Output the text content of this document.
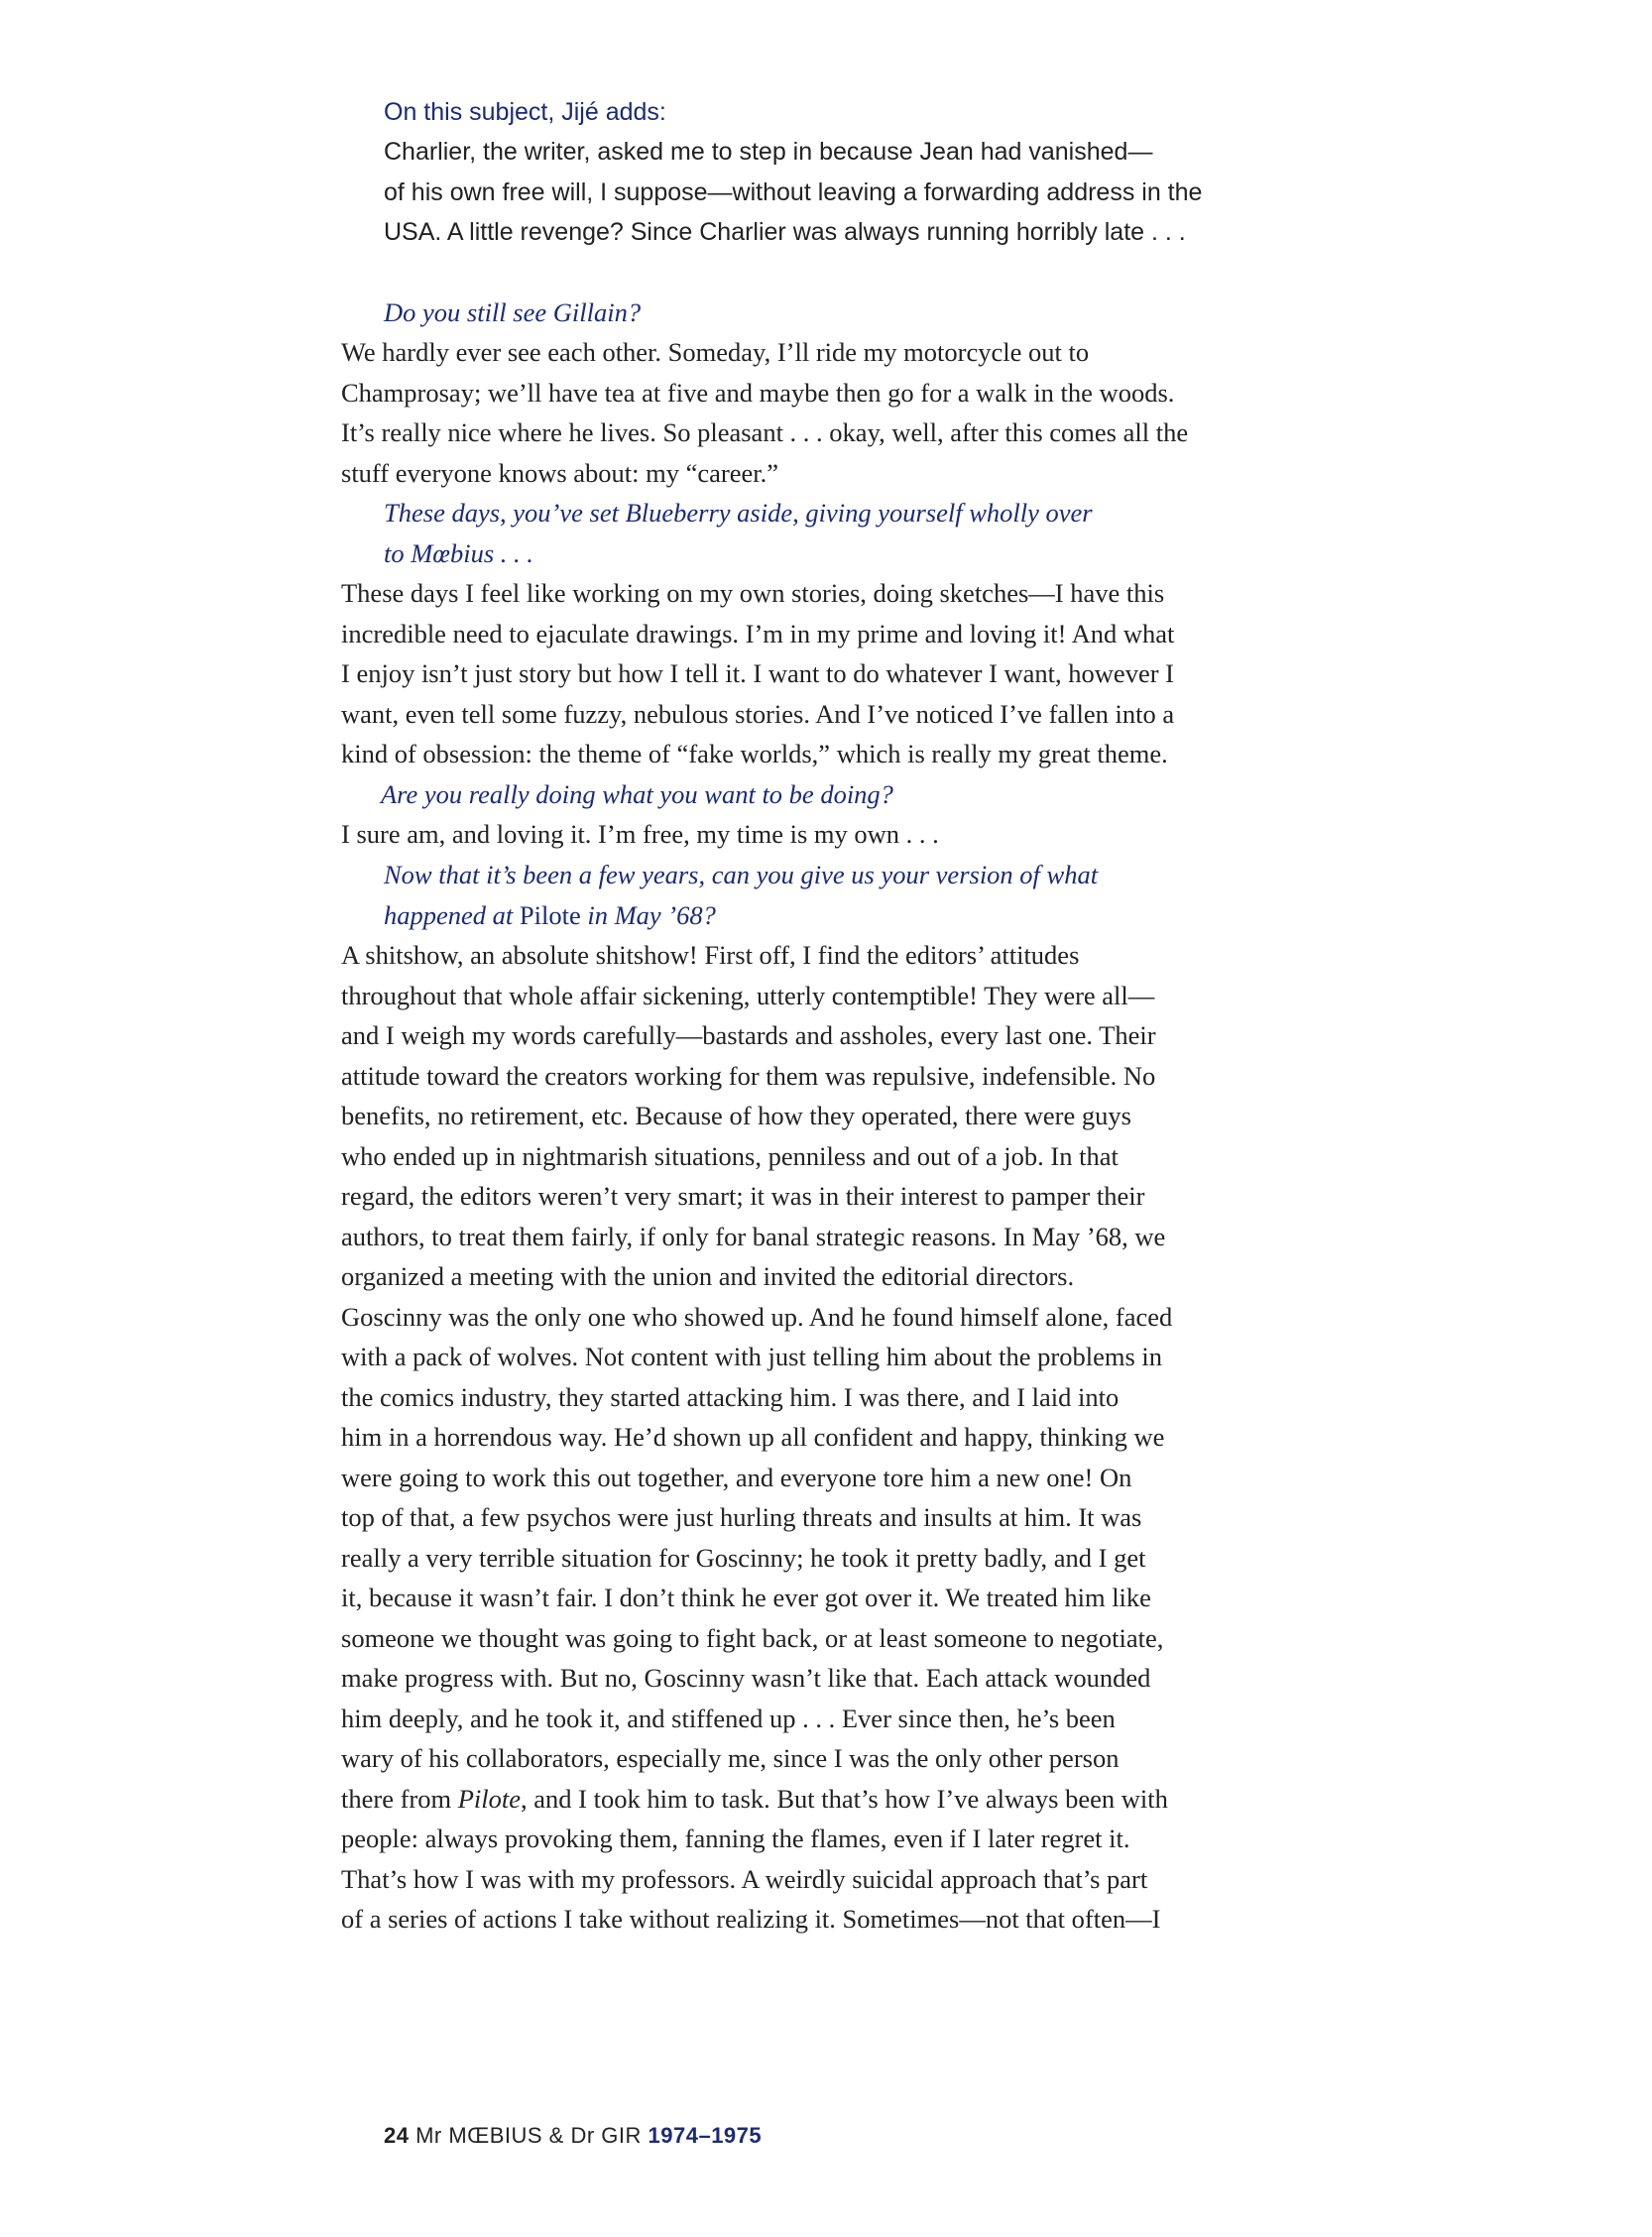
On this subject, Jijé adds:
Charlier, the writer, asked me to step in because Jean had vanished—
of his own free will, I suppose—without leaving a forwarding address in the
USA. A little revenge? Since Charlier was always running horribly late . . .
Do you still see Gillain?
We hardly ever see each other. Someday, I’ll ride my motorcycle out to
Champrosay; we’ll have tea at five and maybe then go for a walk in the woods.
It’s really nice where he lives. So pleasant . . . okay, well, after this comes all the
stuff everyone knows about: my “career.”
These days, you’ve set Blueberry aside, giving yourself wholly over
to Mœbius . . .
These days I feel like working on my own stories, doing sketches—I have this
incredible need to ejaculate drawings. I’m in my prime and loving it! And what
I enjoy isn’t just story but how I tell it. I want to do whatever I want, however I
want, even tell some fuzzy, nebulous stories. And I’ve noticed I’ve fallen into a
kind of obsession: the theme of “fake worlds,” which is really my great theme.
Are you really doing what you want to be doing?
I sure am, and loving it. I’m free, my time is my own . . .
Now that it’s been a few years, can you give us your version of what
happened at Pilote in May ’68?
A shitshow, an absolute shitshow! First off, I find the editors’ attitudes
throughout that whole affair sickening, utterly contemptible! They were all—
and I weigh my words carefully—bastards and assholes, every last one. Their
attitude toward the creators working for them was repulsive, indefensible. No
benefits, no retirement, etc. Because of how they operated, there were guys
who ended up in nightmarish situations, penniless and out of a job. In that
regard, the editors weren’t very smart; it was in their interest to pamper their
authors, to treat them fairly, if only for banal strategic reasons. In May ’68, we
organized a meeting with the union and invited the editorial directors.
Goscinny was the only one who showed up. And he found himself alone, faced
with a pack of wolves. Not content with just telling him about the problems in
the comics industry, they started attacking him. I was there, and I laid into
him in a horrendous way. He’d shown up all confident and happy, thinking we
were going to work this out together, and everyone tore him a new one! On
top of that, a few psychos were just hurling threats and insults at him. It was
really a very terrible situation for Goscinny; he took it pretty badly, and I get
it, because it wasn’t fair. I don’t think he ever got over it. We treated him like
someone we thought was going to fight back, or at least someone to negotiate,
make progress with. But no, Goscinny wasn’t like that. Each attack wounded
him deeply, and he took it, and stiffened up . . . Ever since then, he’s been
wary of his collaborators, especially me, since I was the only other person
there from Pilote, and I took him to task. But that’s how I’ve always been with
people: always provoking them, fanning the flames, even if I later regret it.
That’s how I was with my professors. A weirdly suicidal approach that’s part
of a series of actions I take without realizing it. Sometimes—not that often—I
24 Mr MŒBIUS & Dr GIR 1974–1975
